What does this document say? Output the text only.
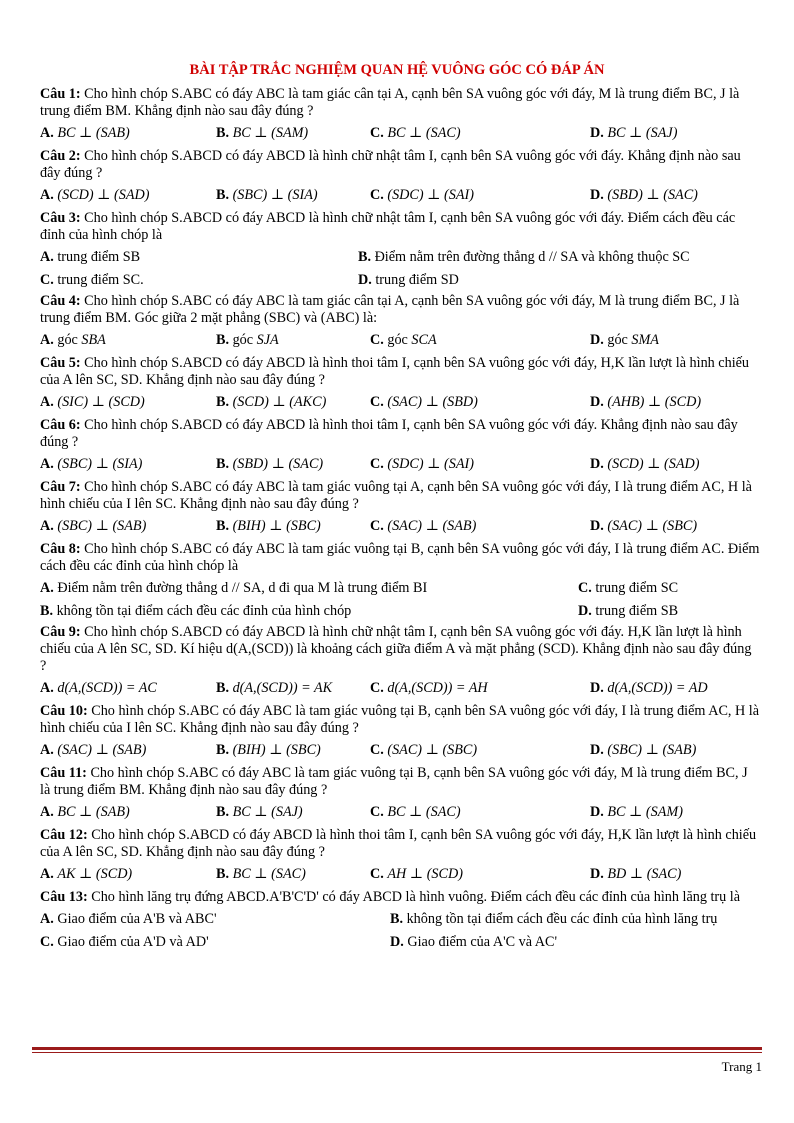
BÀI TẬP TRẮC NGHIỆM QUAN HỆ VUÔNG GÓC CÓ ĐÁP ÁN

Câu 1: Cho hình chóp S.ABC có đáy ABC là tam giác cân tại A, cạnh bên SA vuông góc với đáy, M là trung điểm BC, J là trung điểm BM. Khẳng định nào sau đây đúng ?

A. BC ⊥ (SAB)	B. BC ⊥ (SAM)	C. BC ⊥ (SAC)	D. BC ⊥ (SAJ)

Câu 2: Cho hình chóp S.ABCD có đáy ABCD là hình chữ nhật tâm I, cạnh bên SA vuông góc với đáy. Khẳng định nào sau đây đúng ?

A. (SCD) ⊥ (SAD)	B. (SBC) ⊥ (SIA)	C. (SDC) ⊥ (SAI)	D. (SBD) ⊥ (SAC)

Câu 3: Cho hình chóp S.ABCD có đáy ABCD là hình chữ nhật tâm I, cạnh bên SA vuông góc với đáy. Điểm cách đều các đỉnh của hình chóp là

A. trung điểm SB	B. Điểm nằm trên đường thẳng d // SA và không thuộc SC
C. trung điểm SC.	D. trung điểm SD

Câu 4: Cho hình chóp S.ABC có đáy ABC là tam giác cân tại A, cạnh bên SA vuông góc với đáy, M là trung điểm BC, J là trung điểm BM. Góc giữa 2 mặt phẳng (SBC) và (ABC) là:

A. góc SBA	B. góc SJA	C. góc SCA	D. góc SMA

Câu 5: Cho hình chóp S.ABCD có đáy ABCD là hình thoi tâm I, cạnh bên SA vuông góc với đáy, H,K lần lượt là hình chiếu của A lên SC, SD. Khẳng định nào sau đây đúng ?

A. (SIC) ⊥ (SCD)	B. (SCD) ⊥ (AKC)	C. (SAC) ⊥ (SBD)	D. (AHB) ⊥ (SCD)

Câu 6: Cho hình chóp S.ABCD có đáy ABCD là hình thoi tâm I, cạnh bên SA vuông góc với đáy. Khẳng định nào sau đây đúng ?

A. (SBC) ⊥ (SIA)	B. (SBD) ⊥ (SAC)	C. (SDC) ⊥ (SAI)	D. (SCD) ⊥ (SAD)

Câu 7: Cho hình chóp S.ABC có đáy ABC là tam giác vuông tại A, cạnh bên SA vuông góc với đáy, I là trung điểm AC, H là hình chiếu của I lên SC. Khẳng định nào sau đây đúng ?

A. (SBC) ⊥ (SAB)	B. (BIH) ⊥ (SBC)	C. (SAC) ⊥ (SAB)	D. (SAC) ⊥ (SBC)

Câu 8: Cho hình chóp S.ABC có đáy ABC là tam giác vuông tại B, cạnh bên SA vuông góc với đáy, I là trung điểm AC. Điểm cách đều các đỉnh của hình chóp là

A. Điểm nằm trên đường thẳng d // SA, d đi qua M là trung điểm BI	C. trung điểm SC
B. không tồn tại điểm cách đều các đỉnh của hình chóp	D. trung điểm SB

Câu 9: Cho hình chóp S.ABCD có đáy ABCD là hình chữ nhật tâm I, cạnh bên SA vuông góc với đáy. H,K lần lượt là hình chiếu của A lên SC, SD. Kí hiệu d(A,(SCD)) là khoảng cách giữa điểm A và mặt phẳng (SCD). Khẳng định nào sau đây đúng ?

A. d(A,(SCD)) = AC	B. d(A,(SCD)) = AK	C. d(A,(SCD)) = AH	D. d(A,(SCD)) = AD

Câu 10: Cho hình chóp S.ABC có đáy ABC là tam giác vuông tại B, cạnh bên SA vuông góc với đáy, I là trung điểm AC, H là hình chiếu của I lên SC. Khẳng định nào sau đây đúng ?

A. (SAC) ⊥ (SAB)	B. (BIH) ⊥ (SBC)	C. (SAC) ⊥ (SBC)	D. (SBC) ⊥ (SAB)

Câu 11: Cho hình chóp S.ABC có đáy ABC là tam giác vuông tại B, cạnh bên SA vuông góc với đáy, M là trung điểm BC, J là trung điểm BM. Khẳng định nào sau đây đúng ?

A. BC ⊥ (SAB)	B. BC ⊥ (SAJ)	C. BC ⊥ (SAC)	D. BC ⊥ (SAM)

Câu 12: Cho hình chóp S.ABCD có đáy ABCD là hình thoi tâm I, cạnh bên SA vuông góc với đáy, H,K lần lượt là hình chiếu của A lên SC, SD. Khẳng định nào sau đây đúng ?

A. AK ⊥ (SCD)	B. BC ⊥ (SAC)	C. AH ⊥ (SCD)	D. BD ⊥ (SAC)

Câu 13: Cho hình lăng trụ đứng ABCD.A'B'C'D' có đáy ABCD là hình vuông. Điểm cách đều các đỉnh của hình lăng trụ là

A. Giao điểm của A'B và ABC'	B. không tồn tại điểm cách đều các đỉnh của hình lăng trụ
C. Giao điểm của A'D và AD'	D. Giao điểm của A'C và AC'
Trang 1
